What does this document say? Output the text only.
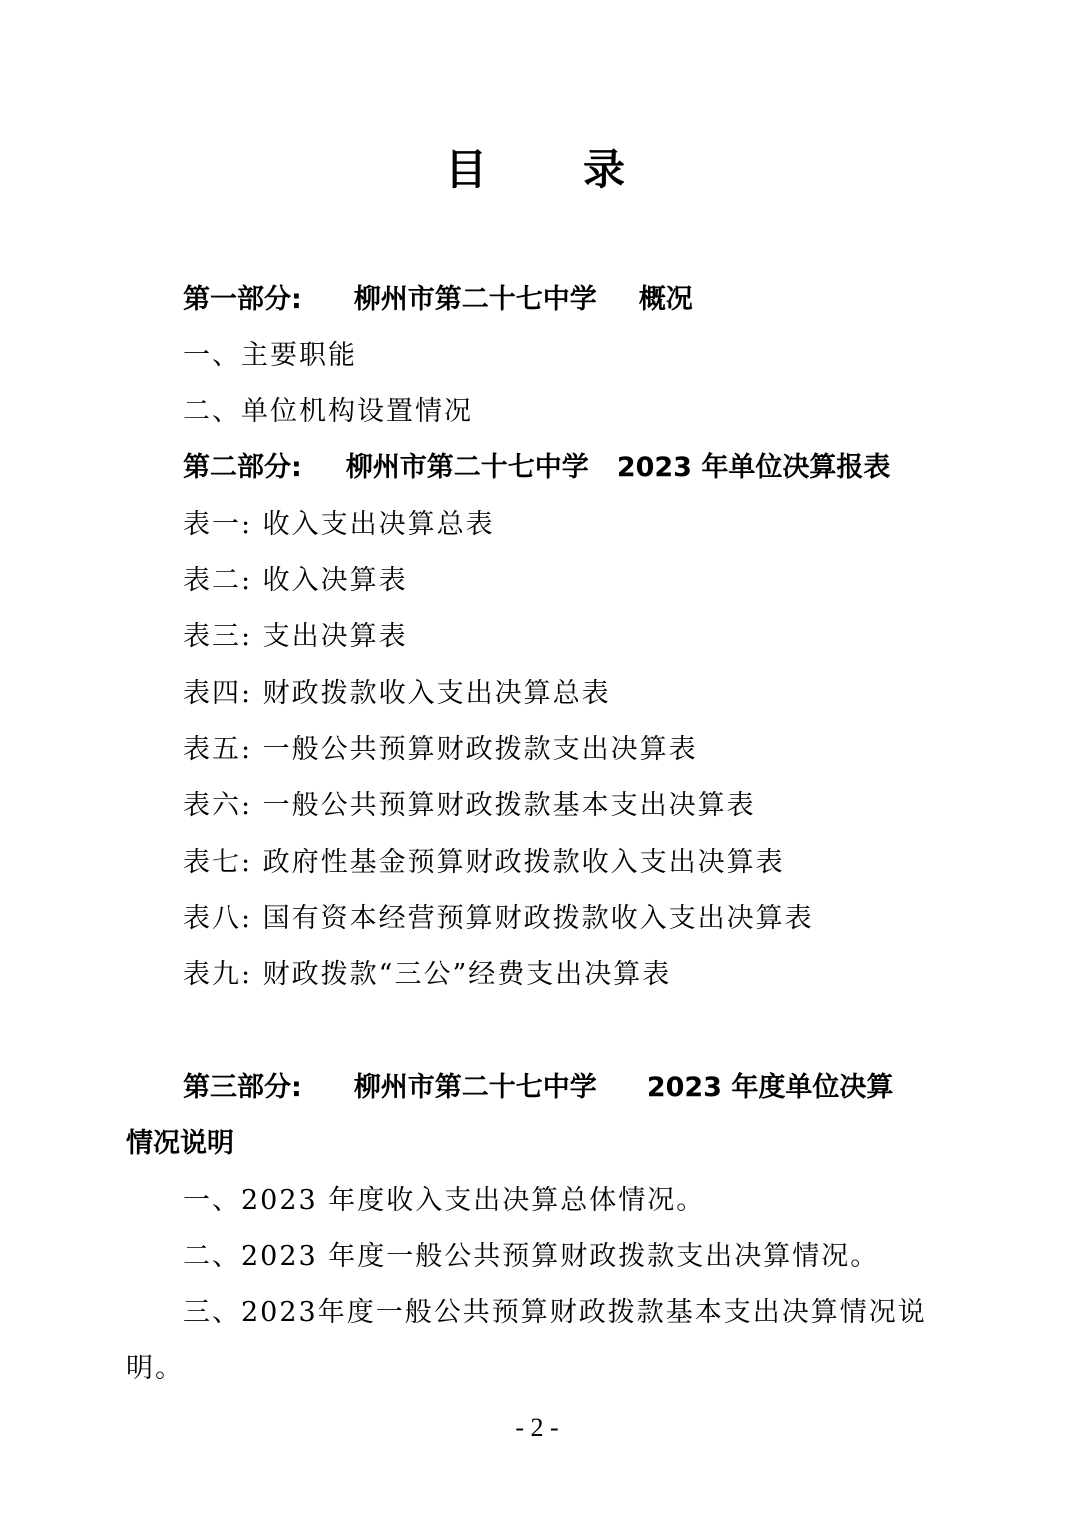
目　　录
第一部分: 柳州市第二十七中学 概况
一、主要职能
二、单位机构设置情况
第二部分: 柳州市第二十七中学 2023 年单位决算报表
表一: 收入支出决算总表
表二: 收入决算表
表三: 支出决算表
表四: 财政拨款收入支出决算总表
表五: 一般公共预算财政拨款支出决算表
表六: 一般公共预算财政拨款基本支出决算表
表七: 政府性基金预算财政拨款收入支出决算表
表八: 国有资本经营预算财政拨款收入支出决算表
表九: 财政拨款“三公”经费支出决算表
第三部分: 柳州市第二十七中学 2023 年度单位决算
情况说明
一、2023 年度收入支出决算总体情况。
二、2023 年度一般公共预算财政拨款支出决算情况。
三、2023年度一般公共预算财政拨款基本支出决算情况说
明。
- 2 -
